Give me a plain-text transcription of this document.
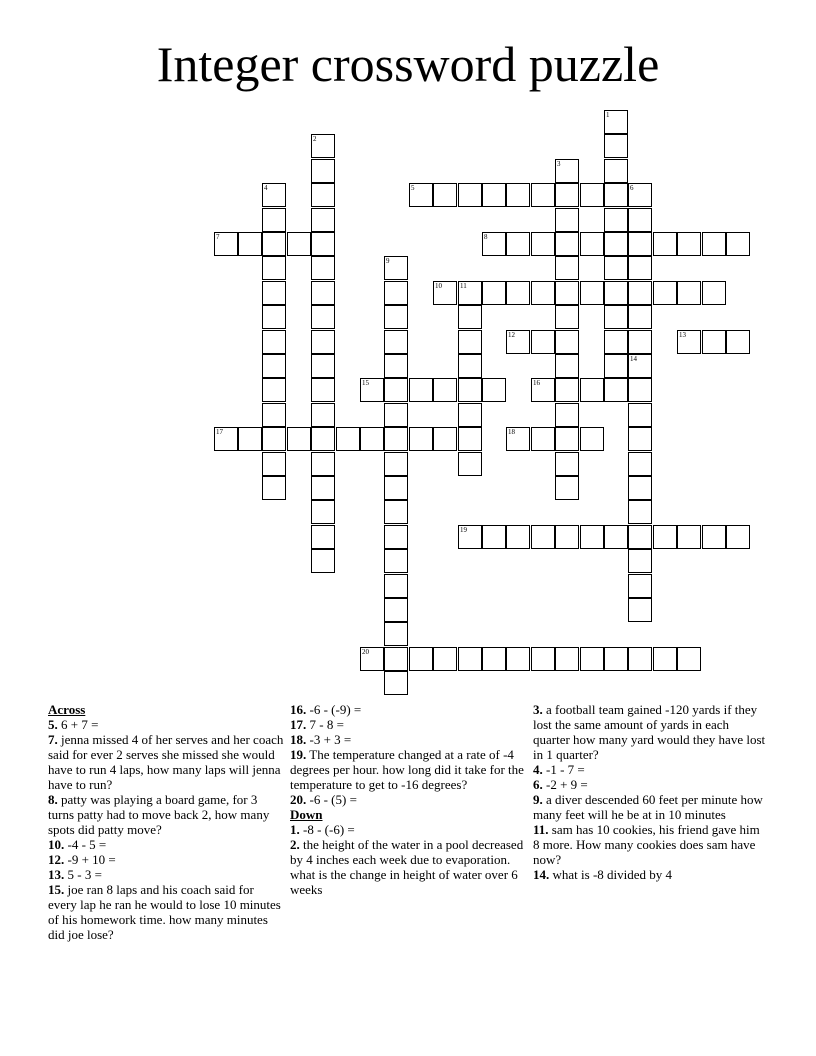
Integer crossword puzzle
1
2
3
4	5	6
7	8
9
10	11
12	13
14
15	16
17	18
19
20

Across

5. 6 + 7 =

7. jenna missed 4 of her serves and her coach said for ever 2 serves she missed she would have to run 4 laps, how many laps will jenna have to run?

8. patty was playing a board game, for 3 turns patty had to move back 2, how many spots did patty move?

10. -4 - 5 =

12. -9 + 10 =

13. 5 - 3 =

15. joe ran 8 laps and his coach said for every lap he ran he would to lose 10 minutes of his homework time. how many minutes did joe lose?

16. -6 - (-9) =

17. 7 - 8 =

18. -3 + 3 =

19. The temperature changed at a rate of -4 degrees per hour. how long did it take for the temperature to get to -16 degrees?

20. -6 - (5) =

Down

1. -8 - (-6) =

2. the height of the water in a pool decreased by 4 inches each week due to evaporation. what is the change in height of water over 6 weeks

3. a football team gained -120 yards if they lost the same amount of yards in each quarter how many yard would they have lost in 1 quarter?

4. -1 - 7 =

6. -2 + 9 =

9. a diver descended 60 feet per minute how many feet will he be at in 10 minutes

11. sam has 10 cookies, his friend gave him 8 more. How many cookies does sam have now?

14. what is -8 divided by 4
